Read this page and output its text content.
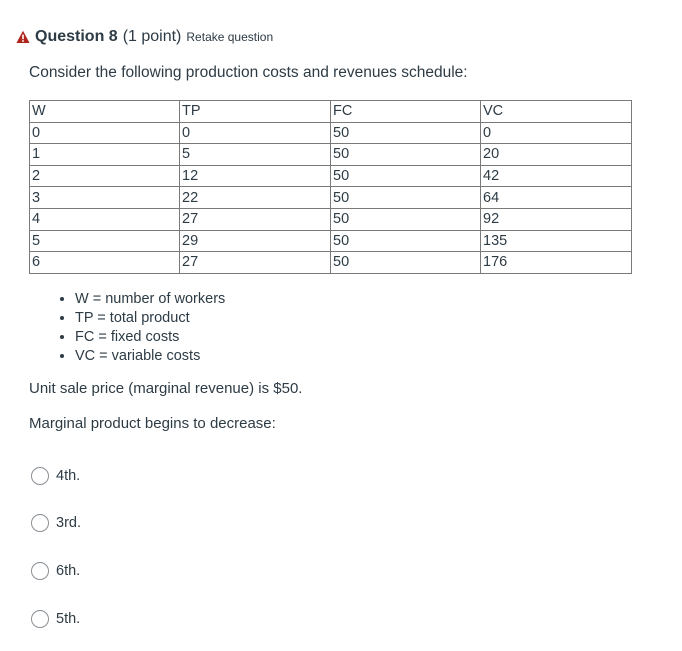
Question 8 (1 point) Retake question

Consider the following production costs and revenues schedule:

W	TP	FC	VC
0	0	50	0
1	5	50	20
2	12	50	42
3	22	50	64
4	27	50	92
5	29	50	135
6	27	50	176
• W = number of workers
• TP = total product
• FC = fixed costs
• VC = variable costs

Unit sale price (marginal revenue) is $50.

Marginal product begins to decrease:

4th.
3rd.
6th.
5th.
